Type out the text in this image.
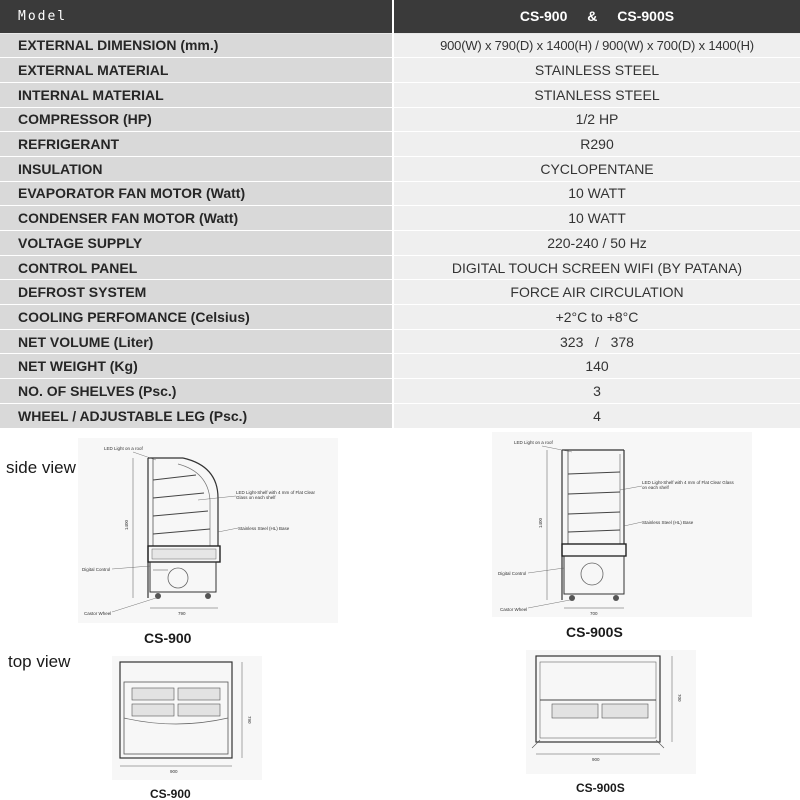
Model	CS-900 & CS-900S
EXTERNAL DIMENSION (mm.)	900(W) x 790(D) x 1400(H) / 900(W) x 700(D) x 1400(H)
EXTERNAL MATERIAL	STAINLESS STEEL
INTERNAL MATERIAL	STIANLESS STEEL
COMPRESSOR (HP)	1/2 HP
REFRIGERANT	R290
INSULATION	CYCLOPENTANE
EVAPORATOR FAN MOTOR (Watt)	10 WATT
CONDENSER FAN MOTOR (Watt)	10 WATT
VOLTAGE SUPPLY	220-240 / 50 Hz
CONTROL PANEL	DIGITAL TOUCH SCREEN WIFI (BY PATANA)
DEFROST SYSTEM	FORCE AIR CIRCULATION
COOLING PERFOMANCE (Celsius)	+2°C to +8°C
NET VOLUME (Liter)	323   /   378
NET WEIGHT (Kg)	140
NO. OF SHELVES (Psc.)	3
WHEEL / ADJUSTABLE LEG (Psc.)	4
side view
1400
790
LED Light on a roof
LED Light-Shelf with 4 mm of Flat Clear Glass on each shelf
Stainless Steel (HL) Base
Digital Control
Castor Wheel
CS-900
1400
700
LED Light on a roof
LED Light-Shelf with 4 mm of Flat Clear Glass on each shelf
Stainless Steel (HL) Base
Digital Control
Castor Wheel
CS-900S
top view
900
790
CS-900
900
700
CS-900S
